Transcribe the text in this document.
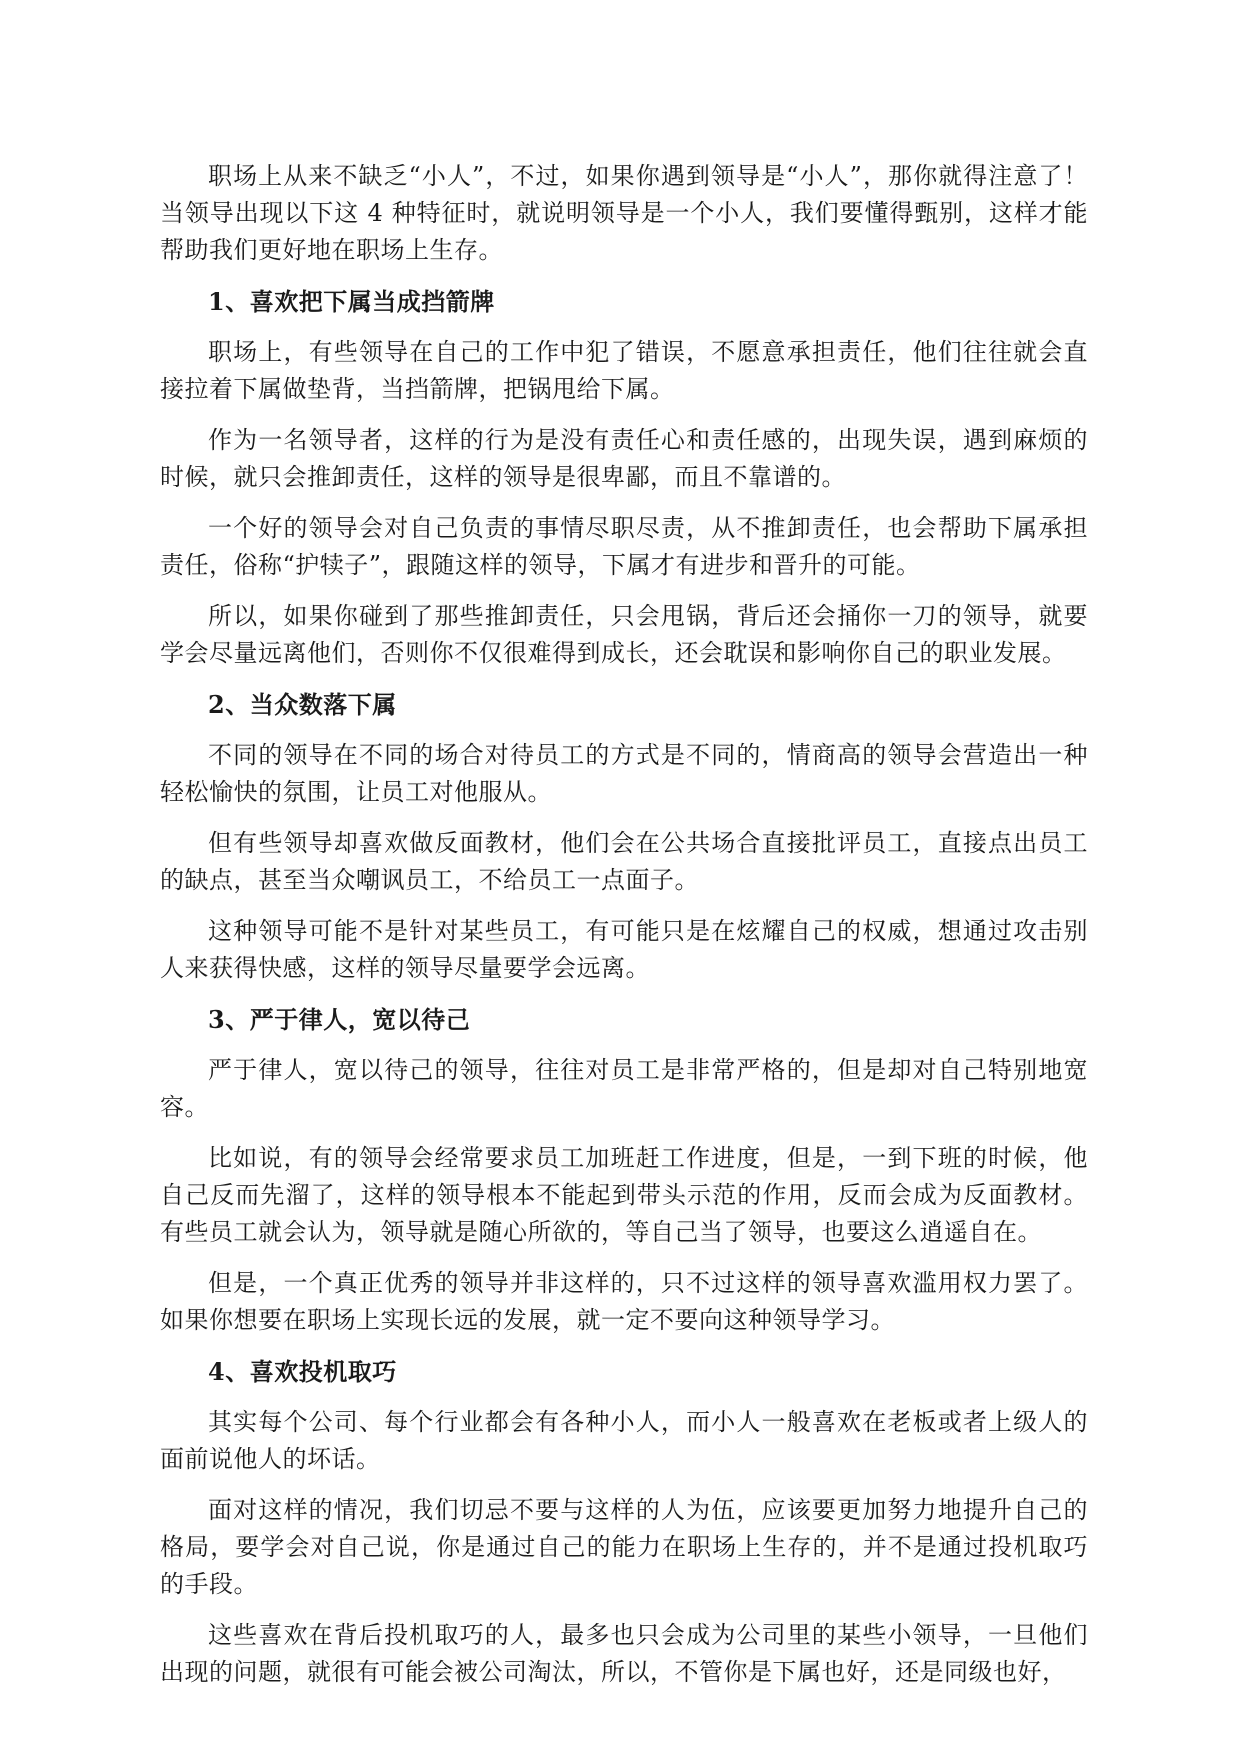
职场上从来不缺乏“小人”，不过，如果你遇到领导是“小人”，那你就得注意了！当领导出现以下这 4 种特征时，就说明领导是一个小人，我们要懂得甄别，这样才能帮助我们更好地在职场上生存。

1、喜欢把下属当成挡箭牌

职场上，有些领导在自己的工作中犯了错误，不愿意承担责任，他们往往就会直接拉着下属做垫背，当挡箭牌，把锅甩给下属。

作为一名领导者，这样的行为是没有责任心和责任感的，出现失误，遇到麻烦的时候，就只会推卸责任，这样的领导是很卑鄙，而且不靠谱的。

一个好的领导会对自己负责的事情尽职尽责，从不推卸责任，也会帮助下属承担责任，俗称“护犊子”，跟随这样的领导，下属才有进步和晋升的可能。

所以，如果你碰到了那些推卸责任，只会甩锅，背后还会捅你一刀的领导，就要学会尽量远离他们，否则你不仅很难得到成长，还会耽误和影响你自己的职业发展。

2、当众数落下属

不同的领导在不同的场合对待员工的方式是不同的，情商高的领导会营造出一种轻松愉快的氛围，让员工对他服从。

但有些领导却喜欢做反面教材，他们会在公共场合直接批评员工，直接点出员工的缺点，甚至当众嘲讽员工，不给员工一点面子。

这种领导可能不是针对某些员工，有可能只是在炫耀自己的权威，想通过攻击别人来获得快感，这样的领导尽量要学会远离。

3、严于律人，宽以待己

严于律人，宽以待己的领导，往往对员工是非常严格的，但是却对自己特别地宽容。

比如说，有的领导会经常要求员工加班赶工作进度，但是，一到下班的时候，他自己反而先溜了，这样的领导根本不能起到带头示范的作用，反而会成为反面教材。有些员工就会认为，领导就是随心所欲的，等自己当了领导，也要这么逍遥自在。

但是，一个真正优秀的领导并非这样的，只不过这样的领导喜欢滥用权力罢了。如果你想要在职场上实现长远的发展，就一定不要向这种领导学习。

4、喜欢投机取巧

其实每个公司、每个行业都会有各种小人，而小人一般喜欢在老板或者上级人的面前说他人的坏话。

面对这样的情况，我们切忌不要与这样的人为伍，应该要更加努力地提升自己的格局，要学会对自己说，你是通过自己的能力在职场上生存的，并不是通过投机取巧的手段。

这些喜欢在背后投机取巧的人，最多也只会成为公司里的某些小领导，一旦他们出现的问题，就很有可能会被公司淘汰，所以，不管你是下属也好，还是同级也好，
